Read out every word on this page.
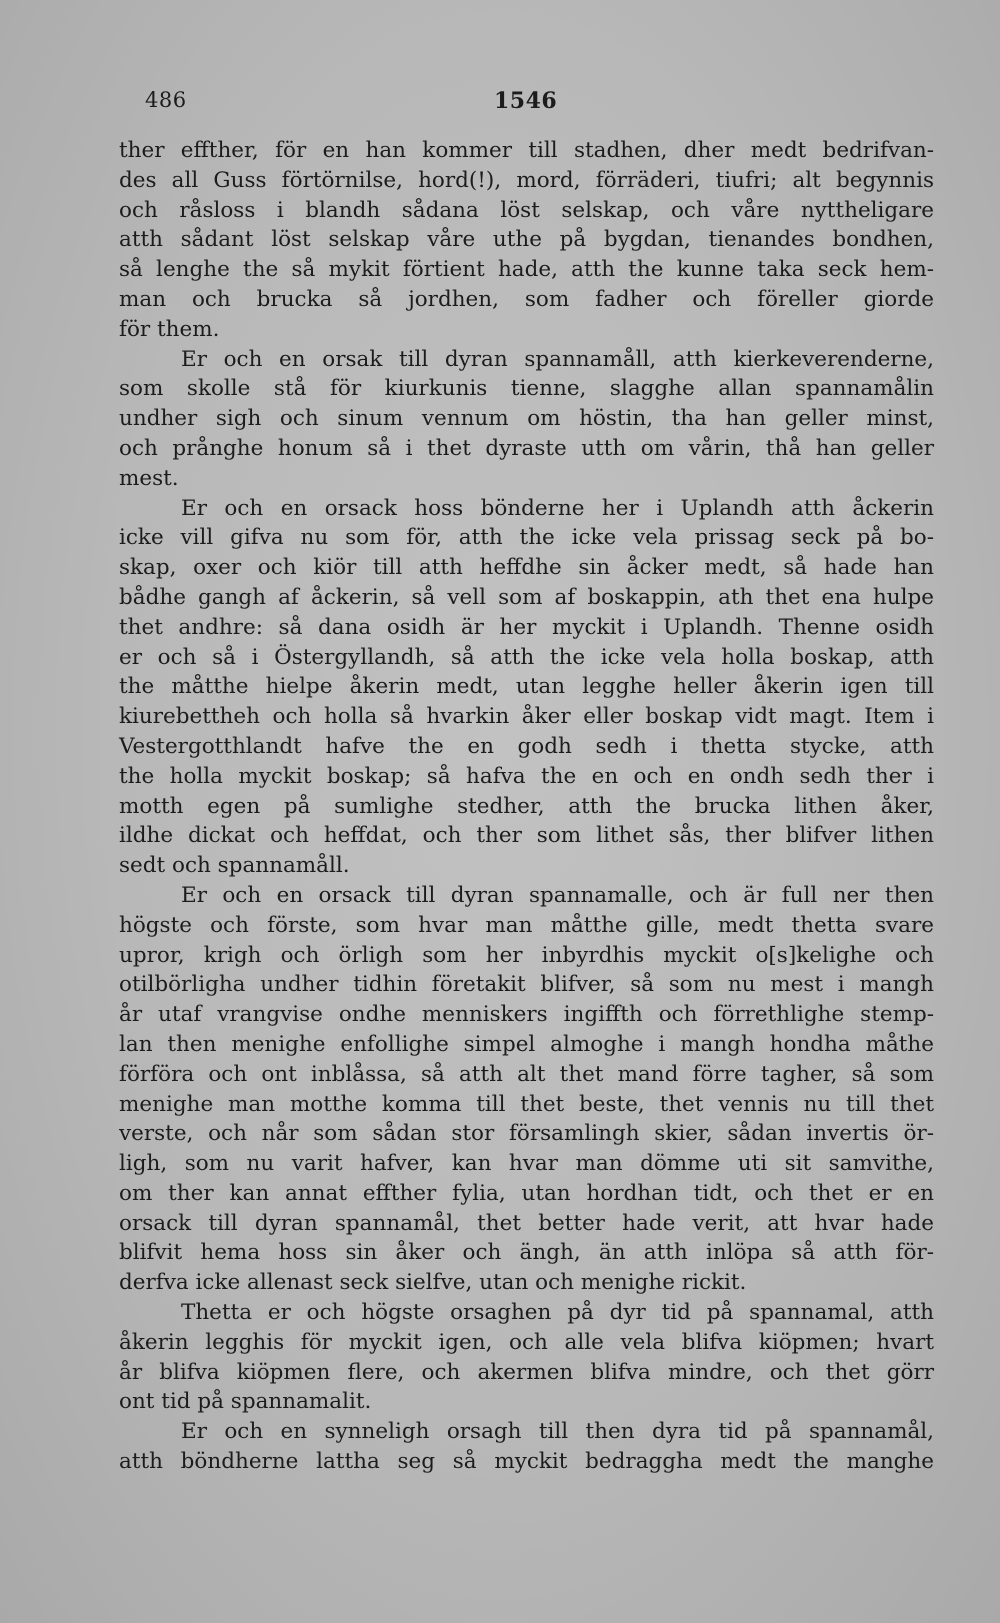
486	1546
ther effther, för en han kommer till stadhen, dher medt bedrifvan-
des all Guss förtörnilse, hord(!), mord, förräderi, tiufri; alt begynnis
och råsloss i blandh sådana löst selskap, och våre nyttheligare
atth sådant löst selskap våre uthe på bygdan, tienandes bondhen,
så lenghe the så mykit förtient hade, atth the kunne taka seck hem-
man och brucka så jordhen, som fadher och föreller giorde
för them.
Er och en orsak till dyran spannamåll, atth kierkeverenderne,
som skolle stå för kiurkunis tienne, slagghe allan spannamålin
undher sigh och sinum vennum om höstin, tha han geller minst,
och prånghe honum så i thet dyraste utth om vårin, thå han geller
mest.
Er och en orsack hoss bönderne her i Uplandh atth åckerin
icke vill gifva nu som för, atth the icke vela prissag seck på bo-
skap, oxer och kiör till atth heffdhe sin åcker medt, så hade han
bådhe gangh af åckerin, så vell som af boskappin, ath thet ena hulpe
thet andhre: så dana osidh är her myckit i Uplandh. Thenne osidh
er och så i Östergyllandh, så atth the icke vela holla boskap, atth
the måtthe hielpe åkerin medt, utan legghe heller åkerin igen till
kiurebettheh och holla så hvarkin åker eller boskap vidt magt. Item i
Vestergotthlandt hafve the en godh sedh i thetta stycke, atth
the holla myckit boskap; så hafva the en och en ondh sedh ther i
motth egen på sumlighe stedher, atth the brucka lithen åker,
ildhe dickat och heffdat, och ther som lithet sås, ther blifver lithen
sedt och spannamåll.
Er och en orsack till dyran spannamalle, och är full ner then
högste och förste, som hvar man måtthe gille, medt thetta svare
upror, krigh och örligh som her inbyrdhis myckit o[s]kelighe och
otilbörligha undher tidhin företakit blifver, så som nu mest i mangh
år utaf vrangvise ondhe menniskers ingiffth och förrethlighe stemp-
lan then menighe enfollighe simpel almoghe i mangh hondha måthe
förföra och ont inblåssa, så atth alt thet mand förre tagher, så som
menighe man motthe komma till thet beste, thet vennis nu till thet
verste, och når som sådan stor församlingh skier, sådan invertis ör-
ligh, som nu varit hafver, kan hvar man dömme uti sit samvithe,
om ther kan annat effther fylia, utan hordhan tidt, och thet er en
orsack till dyran spannamål, thet better hade verit, att hvar hade
blifvit hema hoss sin åker och ängh, än atth inlöpa så atth för-
derfva icke allenast seck sielfve, utan och menighe rickit.
Thetta er och högste orsaghen på dyr tid på spannamal, atth
åkerin legghis för myckit igen, och alle vela blifva kiöpmen; hvart
år blifva kiöpmen flere, och akermen blifva mindre, och thet görr
ont tid på spannamalit.
Er och en synneligh orsagh till then dyra tid på spannamål,
atth böndherne lattha seg så myckit bedraggha medt the manghe
